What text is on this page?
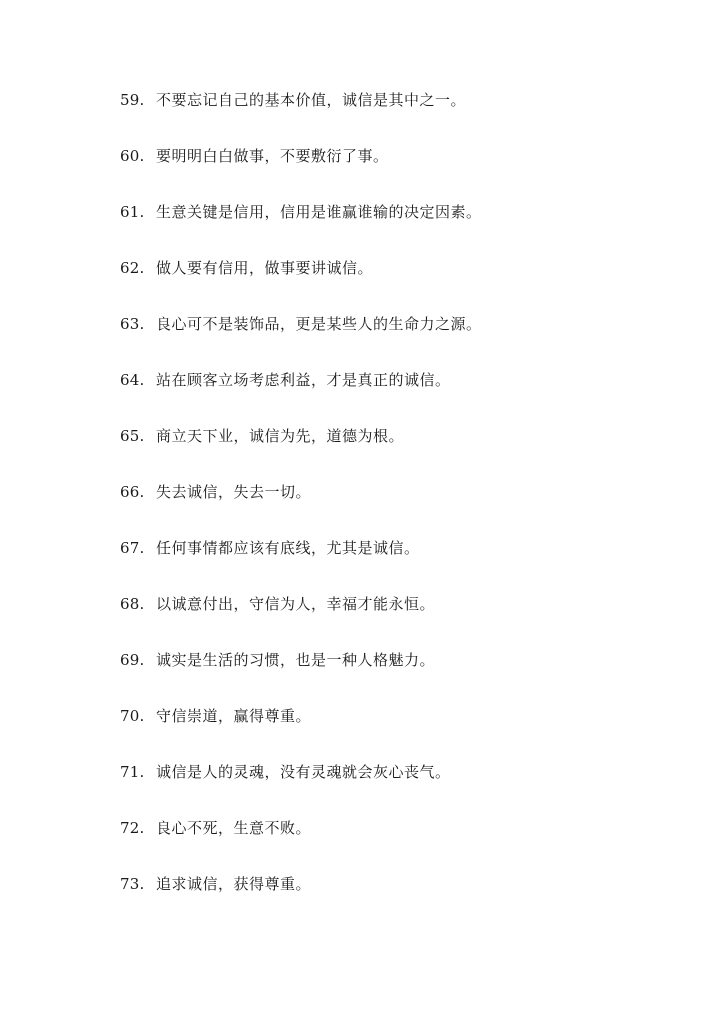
59. 不要忘记自己的基本价值，诚信是其中之一。
60. 要明明白白做事，不要敷衍了事。
61. 生意关键是信用，信用是谁赢谁输的决定因素。
62. 做人要有信用，做事要讲诚信。
63. 良心可不是装饰品，更是某些人的生命力之源。
64. 站在顾客立场考虑利益，才是真正的诚信。
65. 商立天下业，诚信为先，道德为根。
66. 失去诚信，失去一切。
67. 任何事情都应该有底线，尤其是诚信。
68. 以诚意付出，守信为人，幸福才能永恒。
69. 诚实是生活的习惯，也是一种人格魅力。
70. 守信崇道，赢得尊重。
71. 诚信是人的灵魂，没有灵魂就会灰心丧气。
72. 良心不死，生意不败。
73. 追求诚信，获得尊重。
